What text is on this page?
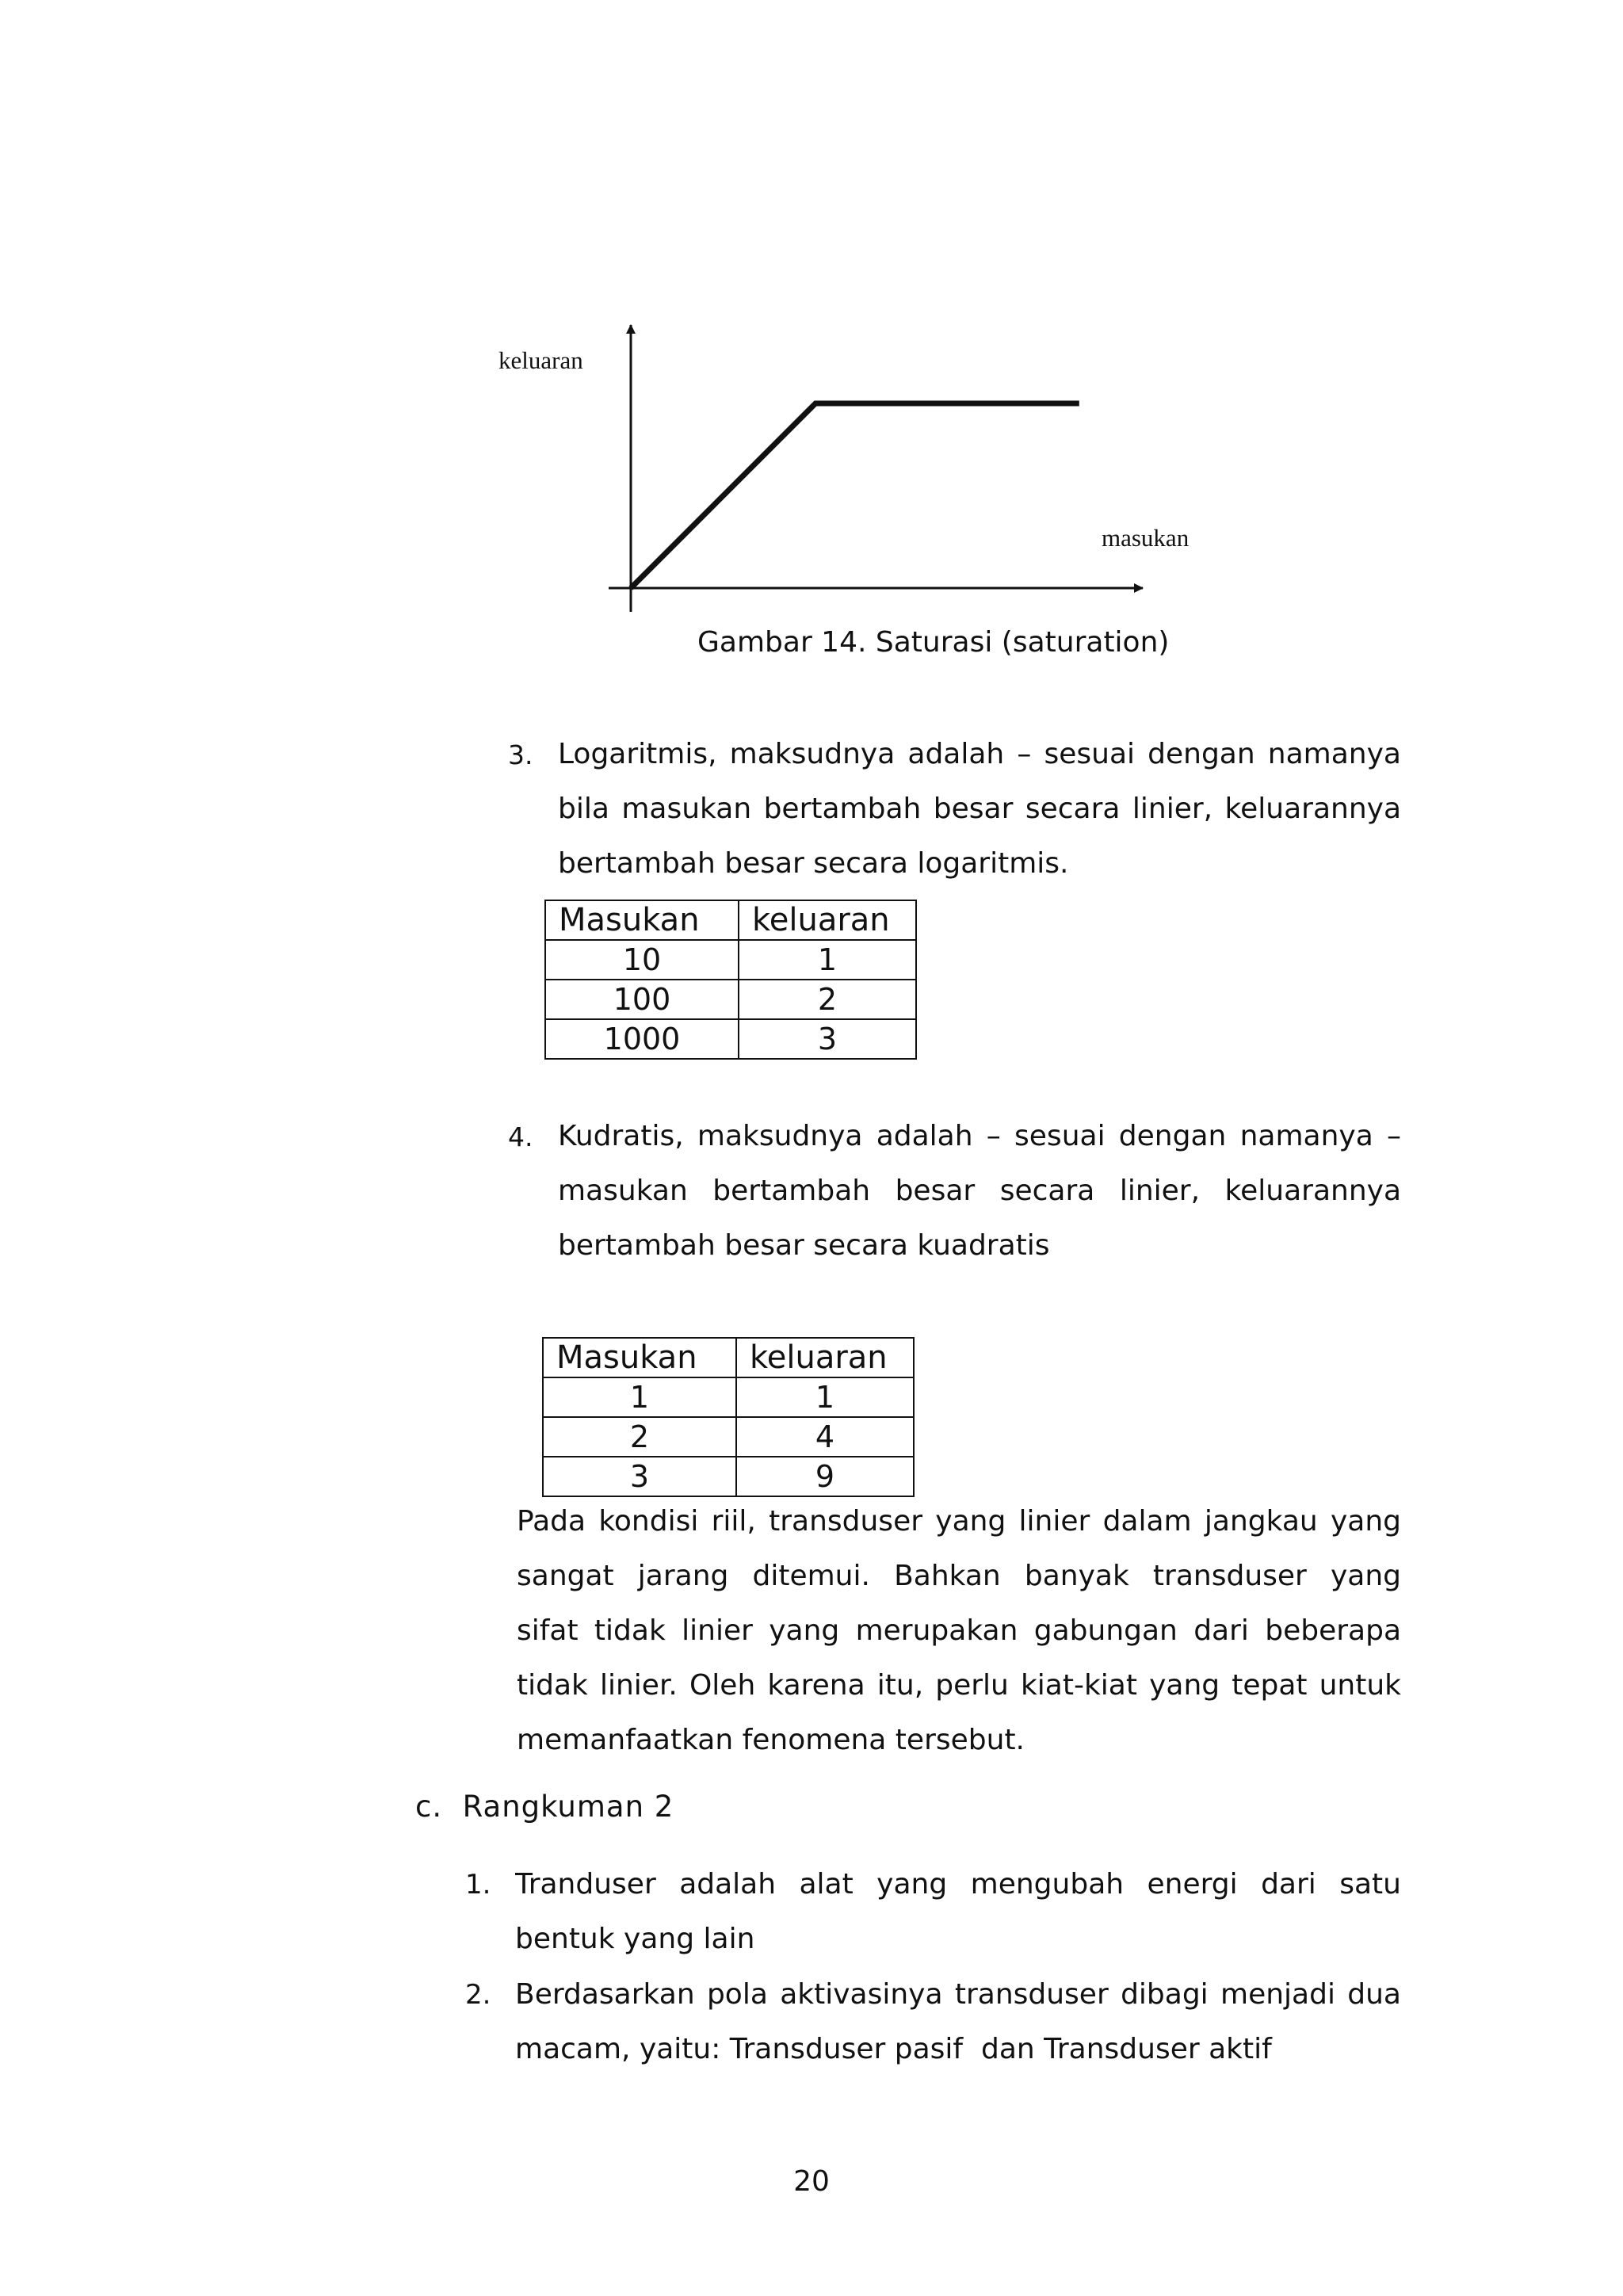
keluaran
masukan
Gambar 14. Saturasi (saturation)
3. Logaritmis, maksudnya adalah – sesuai dengan namanya
bila masukan bertambah besar secara linier, keluarannya
bertambah besar secara logaritmis.
Masukan	keluaran
10	1
100	2
1000	3
4. Kudratis, maksudnya adalah – sesuai dengan namanya –
masukan bertambah besar secara linier, keluarannya
bertambah besar secara kuadratis
Masukan	keluaran
1	1
2	4
3	9
Pada kondisi riil, transduser yang linier dalam jangkau yang
sangat jarang ditemui. Bahkan banyak transduser yang
sifat tidak linier yang merupakan gabungan dari beberapa
tidak linier. Oleh karena itu, perlu kiat-kiat yang tepat untuk
memanfaatkan fenomena tersebut.
c.  Rangkuman 2
1. Tranduser adalah alat yang mengubah energi dari satu
bentuk yang lain
2. Berdasarkan pola aktivasinya transduser dibagi menjadi dua
macam, yaitu: Transduser pasif  dan Transduser aktif
20
